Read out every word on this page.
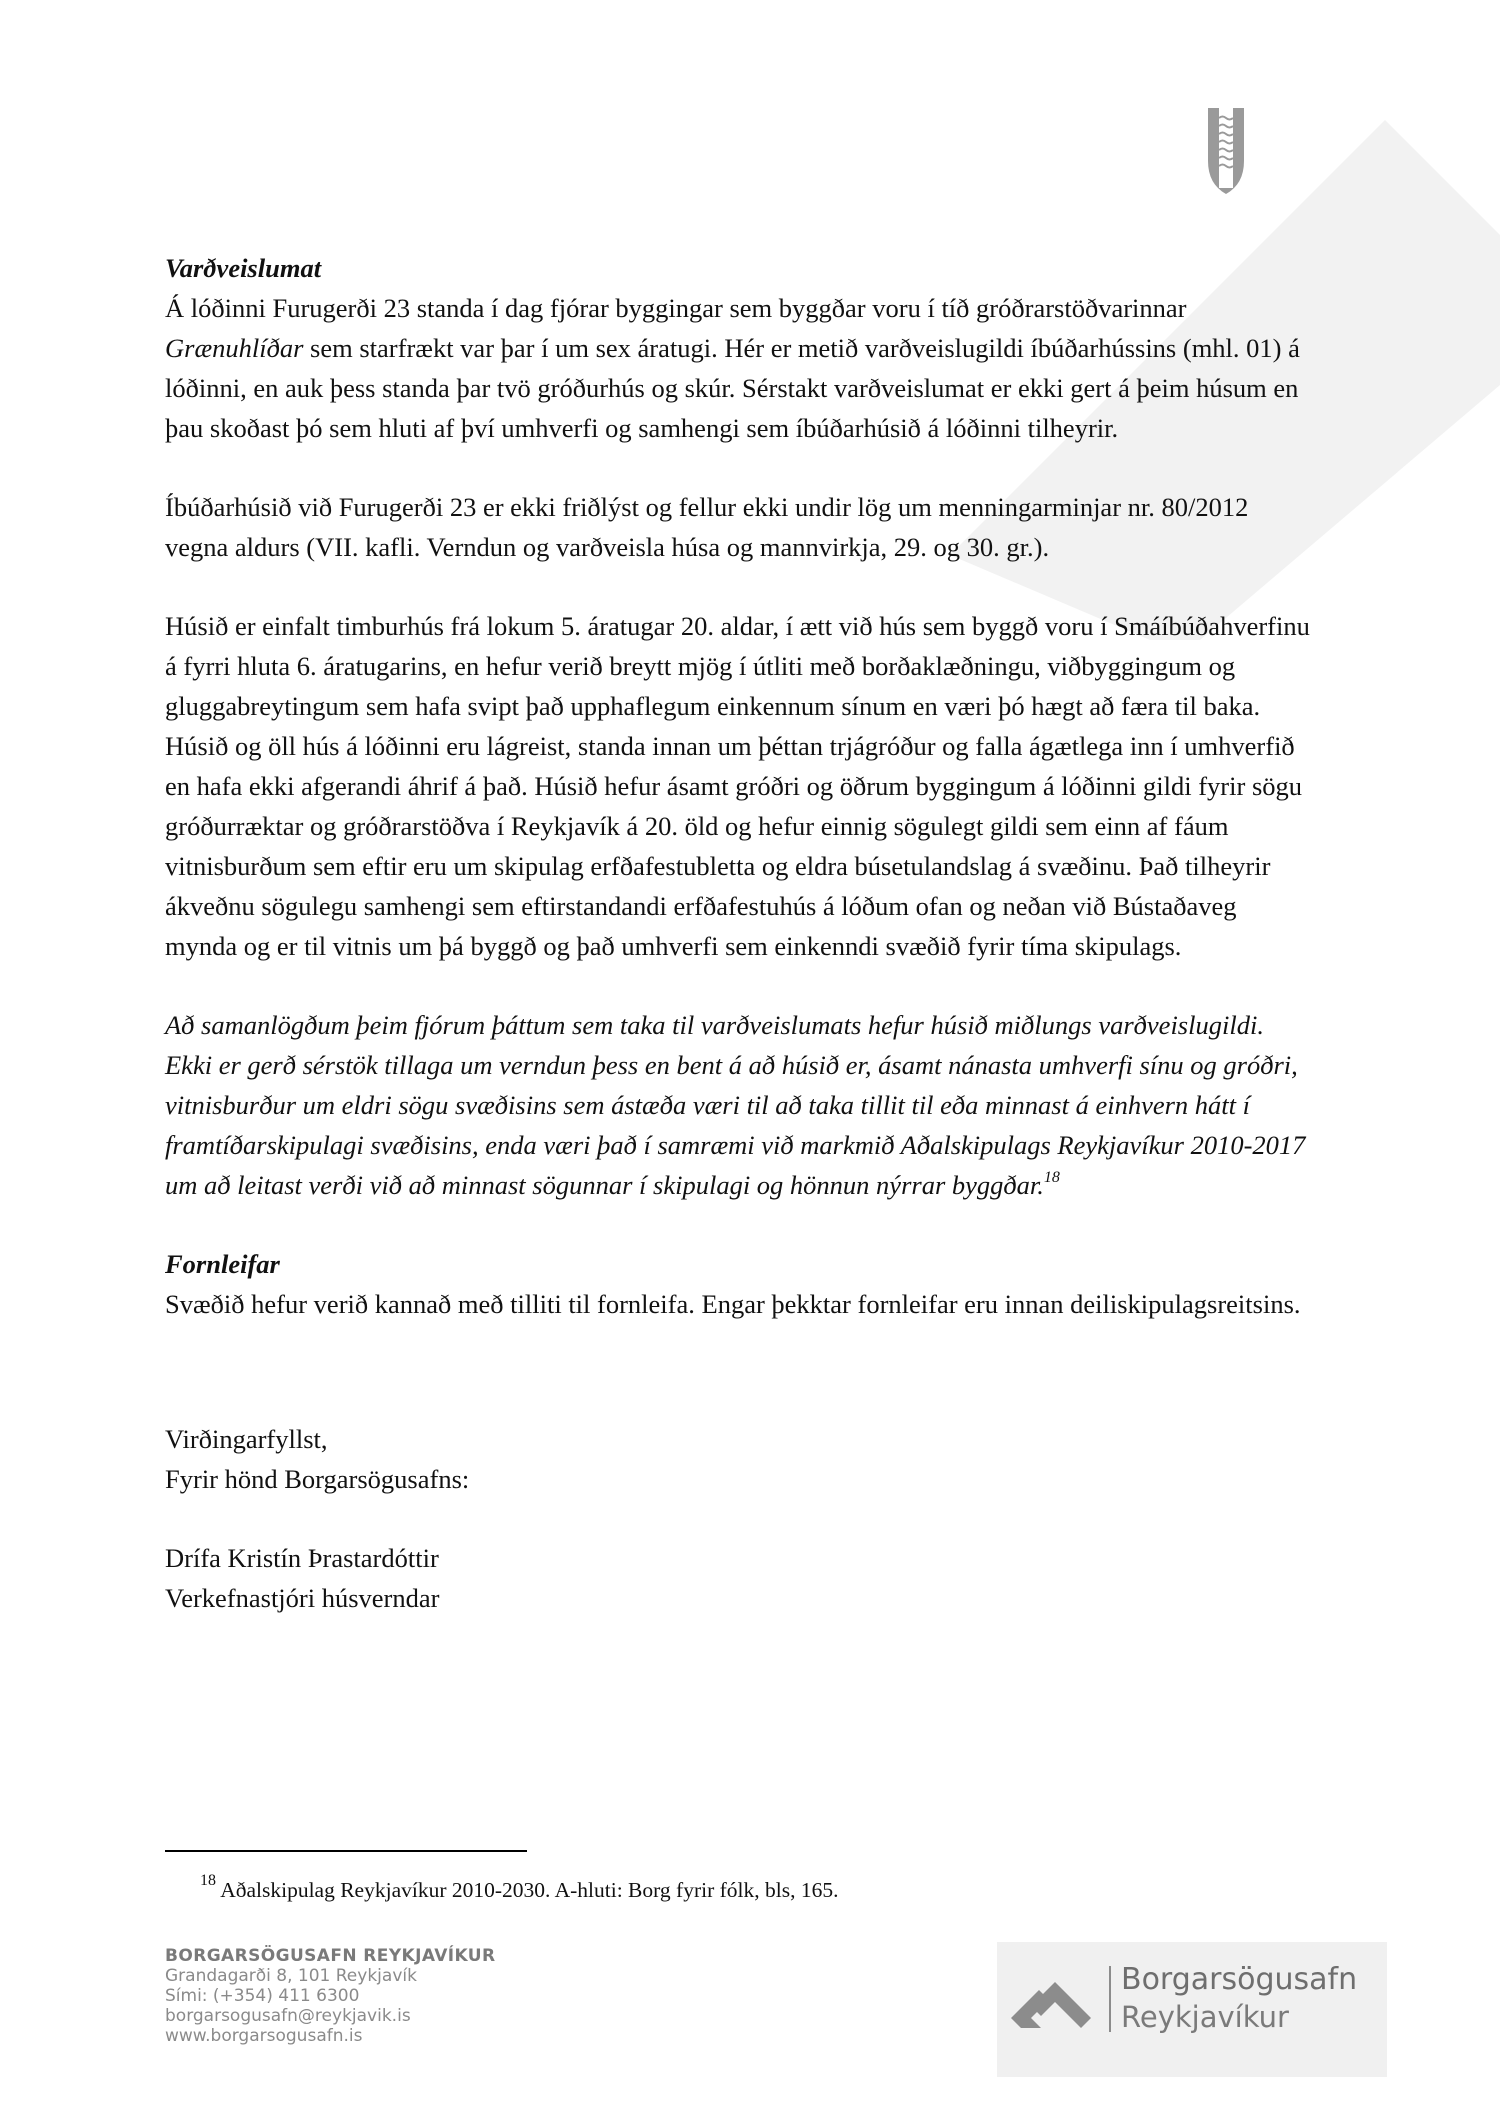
Varðveislumat

Á lóðinni Furugerði 23 standa í dag fjórar byggingar sem byggðar voru í tíð gróðrarstöðvarinnar Grænuhlíðar sem starfrækt var þar í um sex áratugi. Hér er metið varðveislugildi íbúðarhússins (mhl. 01) á lóðinni, en auk þess standa þar tvö gróðurhús og skúr. Sérstakt varðveislumat er ekki gert á þeim húsum en þau skoðast þó sem hluti af því umhverfi og samhengi sem íbúðarhúsið á lóðinni tilheyrir.

Íbúðarhúsið við Furugerði 23 er ekki friðlýst og fellur ekki undir lög um menningarminjar nr. 80/2012 vegna aldurs (VII. kafli. Verndun og varðveisla húsa og mannvirkja, 29. og 30. gr.).

Húsið er einfalt timburhús frá lokum 5. áratugar 20. aldar, í ætt við hús sem byggð voru í Smáíbúðahverfinu á fyrri hluta 6. áratugarins, en hefur verið breytt mjög í útliti með borðaklæðningu, viðbyggingum og gluggabreytingum sem hafa svipt það upphaflegum einkennum sínum en væri þó hægt að færa til baka. Húsið og öll hús á lóðinni eru lágreist, standa innan um þéttan trjágróður og falla ágætlega inn í umhverfið en hafa ekki afgerandi áhrif á það. Húsið hefur ásamt gróðri og öðrum byggingum á lóðinni gildi fyrir sögu gróðurræktar og gróðrarstöðva í Reykjavík á 20. öld og hefur einnig sögulegt gildi sem einn af fáum vitnisburðum sem eftir eru um skipulag erfðafestubletta og eldra búsetulandslag á svæðinu. Það tilheyrir ákveðnu sögulegu samhengi sem eftirstandandi erfðafestuhús á lóðum ofan og neðan við Bústaðaveg mynda og er til vitnis um þá byggð og það umhverfi sem einkenndi svæðið fyrir tíma skipulags.

Að samanlögðum þeim fjórum þáttum sem taka til varðveislumats hefur húsið miðlungs varðveislugildi. Ekki er gerð sérstök tillaga um verndun þess en bent á að húsið er, ásamt nánasta umhverfi sínu og gróðri, vitnisburður um eldri sögu svæðisins sem ástæða væri til að taka tillit til eða minnast á einhvern hátt í framtíðarskipulagi svæðisins, enda væri það í samræmi við markmið Aðalskipulags Reykjavíkur 2010-2017 um að leitast verði við að minnast sögunnar í skipulagi og hönnun nýrrar byggðar.$^{18}$

Fornleifar

Svæðið hefur verið kannað með tilliti til fornleifa. Engar þekktar fornleifar eru innan deiliskipulagsreitsins.

Virðingarfyllst,

Fyrir hönd Borgarsögusafns:

Drífa Kristín Þrastardóttir

Verkefnastjóri húsverndar

$^{18}$ Aðalskipulag Reykjavíkur 2010-2030. A-hluti: Borg fyrir fólk, bls, 165.
BORGARSÖGUSAFN REYKJAVÍKUR
Grandagarði 8, 101 Reykjavík
Sími: (+354) 411 6300
borgarsogusafn@reykjavik.is
www.borgarsogusafn.is
Borgarsögusafn
Reykjavíkur
